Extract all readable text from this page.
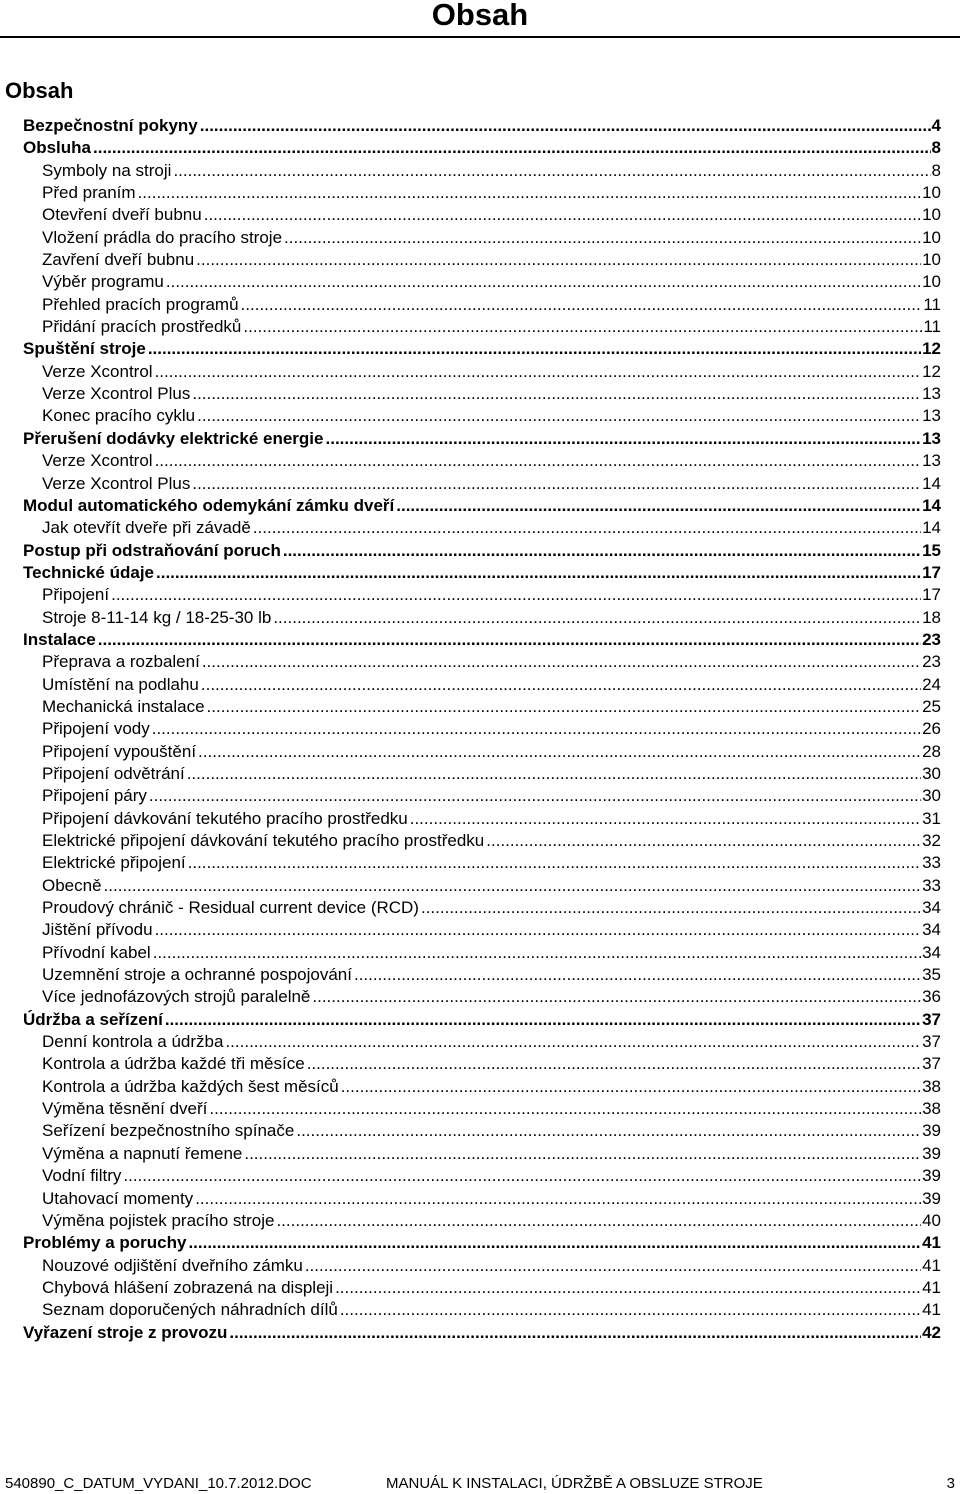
Obsah
Obsah
Bezpečnostní pokyny .....	4
Obsluha .....	8
Symboly na stroji .....	8
Před praním .....	10
Otevření dveří bubnu .....	10
Vložení prádla do pracího stroje .....	10
Zavření dveří bubnu .....	10
Výběr programu .....	10
Přehled pracích programů .....	11
Přidání pracích prostředků .....	11
Spuštění stroje .....	12
Verze Xcontrol .....	12
Verze Xcontrol Plus .....	13
Konec pracího cyklu .....	13
Přerušení dodávky elektrické energie .....	13
Verze Xcontrol .....	13
Verze Xcontrol Plus .....	14
Modul automatického odemykání zámku dveří .....	14
Jak otevřít dveře při závadě .....	14
Postup při odstraňování poruch .....	15
Technické údaje .....	17
Připojení .....	17
Stroje 8-11-14 kg / 18-25-30 lb .....	18
Instalace .....	23
Přeprava a rozbalení .....	23
Umístění na podlahu .....	24
Mechanická instalace .....	25
Připojení vody .....	26
Připojení vypouštění .....	28
Připojení odvětrání .....	30
Připojení páry .....	30
Připojení dávkování tekutého pracího prostředku .....	31
Elektrické připojení dávkování tekutého pracího prostředku .....	32
Elektrické připojení .....	33
Obecně .....	33
Proudový chránič - Residual current device (RCD) .....	34
Jištění přívodu .....	34
Přívodní kabel .....	34
Uzemnění stroje a ochranné pospojování .....	35
Více jednofázových strojů paralelně .....	36
Údržba a seřízení .....	37
Denní kontrola a údržba .....	37
Kontrola a údržba každé tři měsíce .....	37
Kontrola a údržba každých šest měsíců .....	38
Výměna těsnění dveří .....	38
Seřízení bezpečnostního spínače .....	39
Výměna a napnutí řemene .....	39
Vodní filtry .....	39
Utahovací momenty .....	39
Výměna pojistek pracího stroje .....	40
Problémy a poruchy .....	41
Nouzové odjištění dveřního zámku .....	41
Chybová hlášení zobrazená na displeji .....	41
Seznam doporučených náhradních dílů .....	41
Vyřazení stroje z provozu .....	42
540890_C_DATUM_VYDANI_10.7.2012.DOC	MANUÁL K INSTALACI, ÚDRŽBĚ A OBSLUZE STROJE	3
